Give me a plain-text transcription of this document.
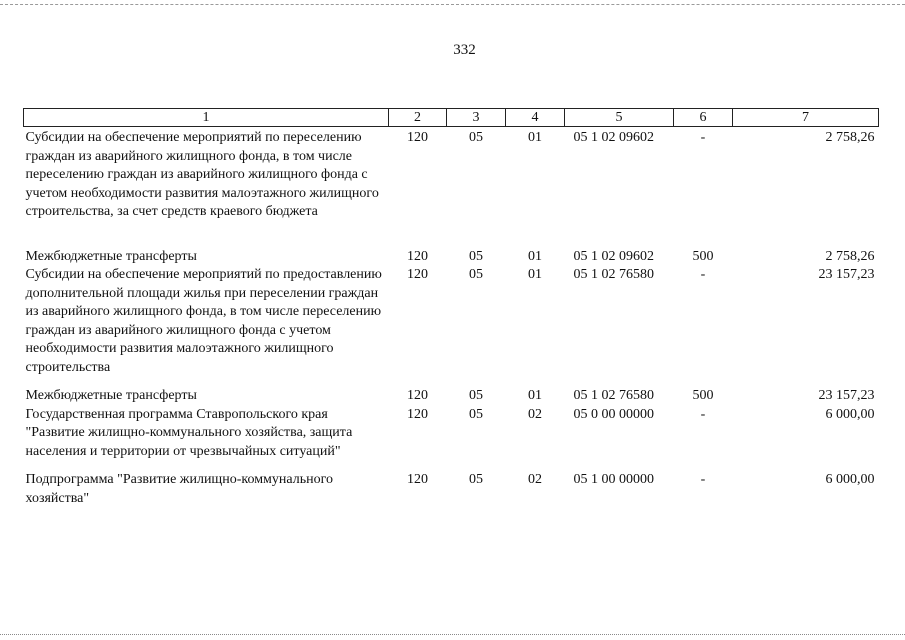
332
1	2	3	4	5	6	7
Субсидии на обеспечение мероприятий по переселению граждан из аварийного жилищного фонда, в том числе переселению граждан из аварийного жилищного фонда с учетом необходимости развития малоэтажного жилищного строительства, за счет средств краевого бюджета	120	05	01	05 1 02 09602	-	2 758,26

Межбюджетные трансферты	120	05	01	05 1 02 09602	500	2 758,26
Субсидии на обеспечение мероприятий по предоставлению дополнительной площади жилья при переселении граждан из аварийного жилищного фонда, в том числе переселению граждан из аварийного жилищного фонда с учетом необходимости развития малоэтажного жилищного строительства	120	05	01	05 1 02 76580	-	23 157,23
Межбюджетные трансферты	120	05	01	05 1 02 76580	500	23 157,23
Государственная программа Ставропольского края "Развитие жилищно-коммунального хозяйства, защита населения и территории от чрезвычайных ситуаций"	120	05	02	05 0 00 00000	-	6 000,00
Подпрограмма "Развитие жилищно-коммунального хозяйства"	120	05	02	05 1 00 00000	-	6 000,00
